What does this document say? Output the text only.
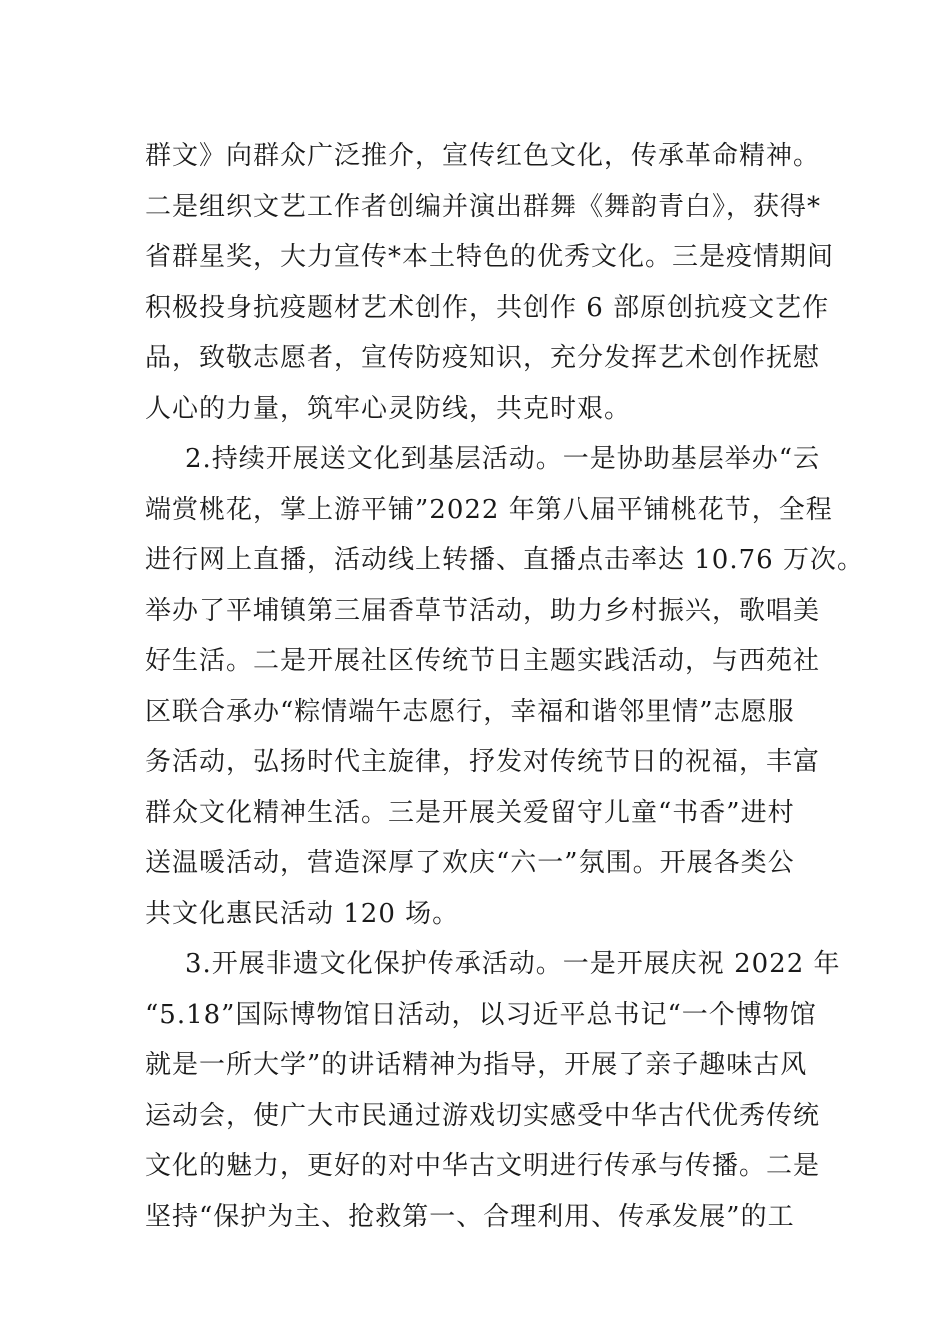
群文》向群众广泛推介，宣传红色文化，传承革命精神。
二是组织文艺工作者创编并演出群舞《舞韵青白》，获得*
省群星奖，大力宣传*本土特色的优秀文化。三是疫情期间
积极投身抗疫题材艺术创作，共创作 6 部原创抗疫文艺作
品，致敬志愿者，宣传防疫知识，充分发挥艺术创作抚慰
人心的力量，筑牢心灵防线，共克时艰。
2.持续开展送文化到基层活动。一是协助基层举办“云
端赏桃花，掌上游平铺”2022 年第八届平铺桃花节，全程
进行网上直播，活动线上转播、直播点击率达 10.76 万次。
举办了平埔镇第三届香草节活动，助力乡村振兴，歌唱美
好生活。二是开展社区传统节日主题实践活动，与西苑社
区联合承办“粽情端午志愿行，幸福和谐邻里情”志愿服
务活动，弘扬时代主旋律，抒发对传统节日的祝福，丰富
群众文化精神生活。三是开展关爱留守儿童“书香”进村
送温暖活动，营造深厚了欢庆“六一”氛围。开展各类公
共文化惠民活动 120 场。
3.开展非遗文化保护传承活动。一是开展庆祝 2022 年
“5.18”国际博物馆日活动，以习近平总书记“一个博物馆
就是一所大学”的讲话精神为指导，开展了亲子趣味古风
运动会，使广大市民通过游戏切实感受中华古代优秀传统
文化的魅力，更好的对中华古文明进行传承与传播。二是
坚持“保护为主、抢救第一、合理利用、传承发展”的工
